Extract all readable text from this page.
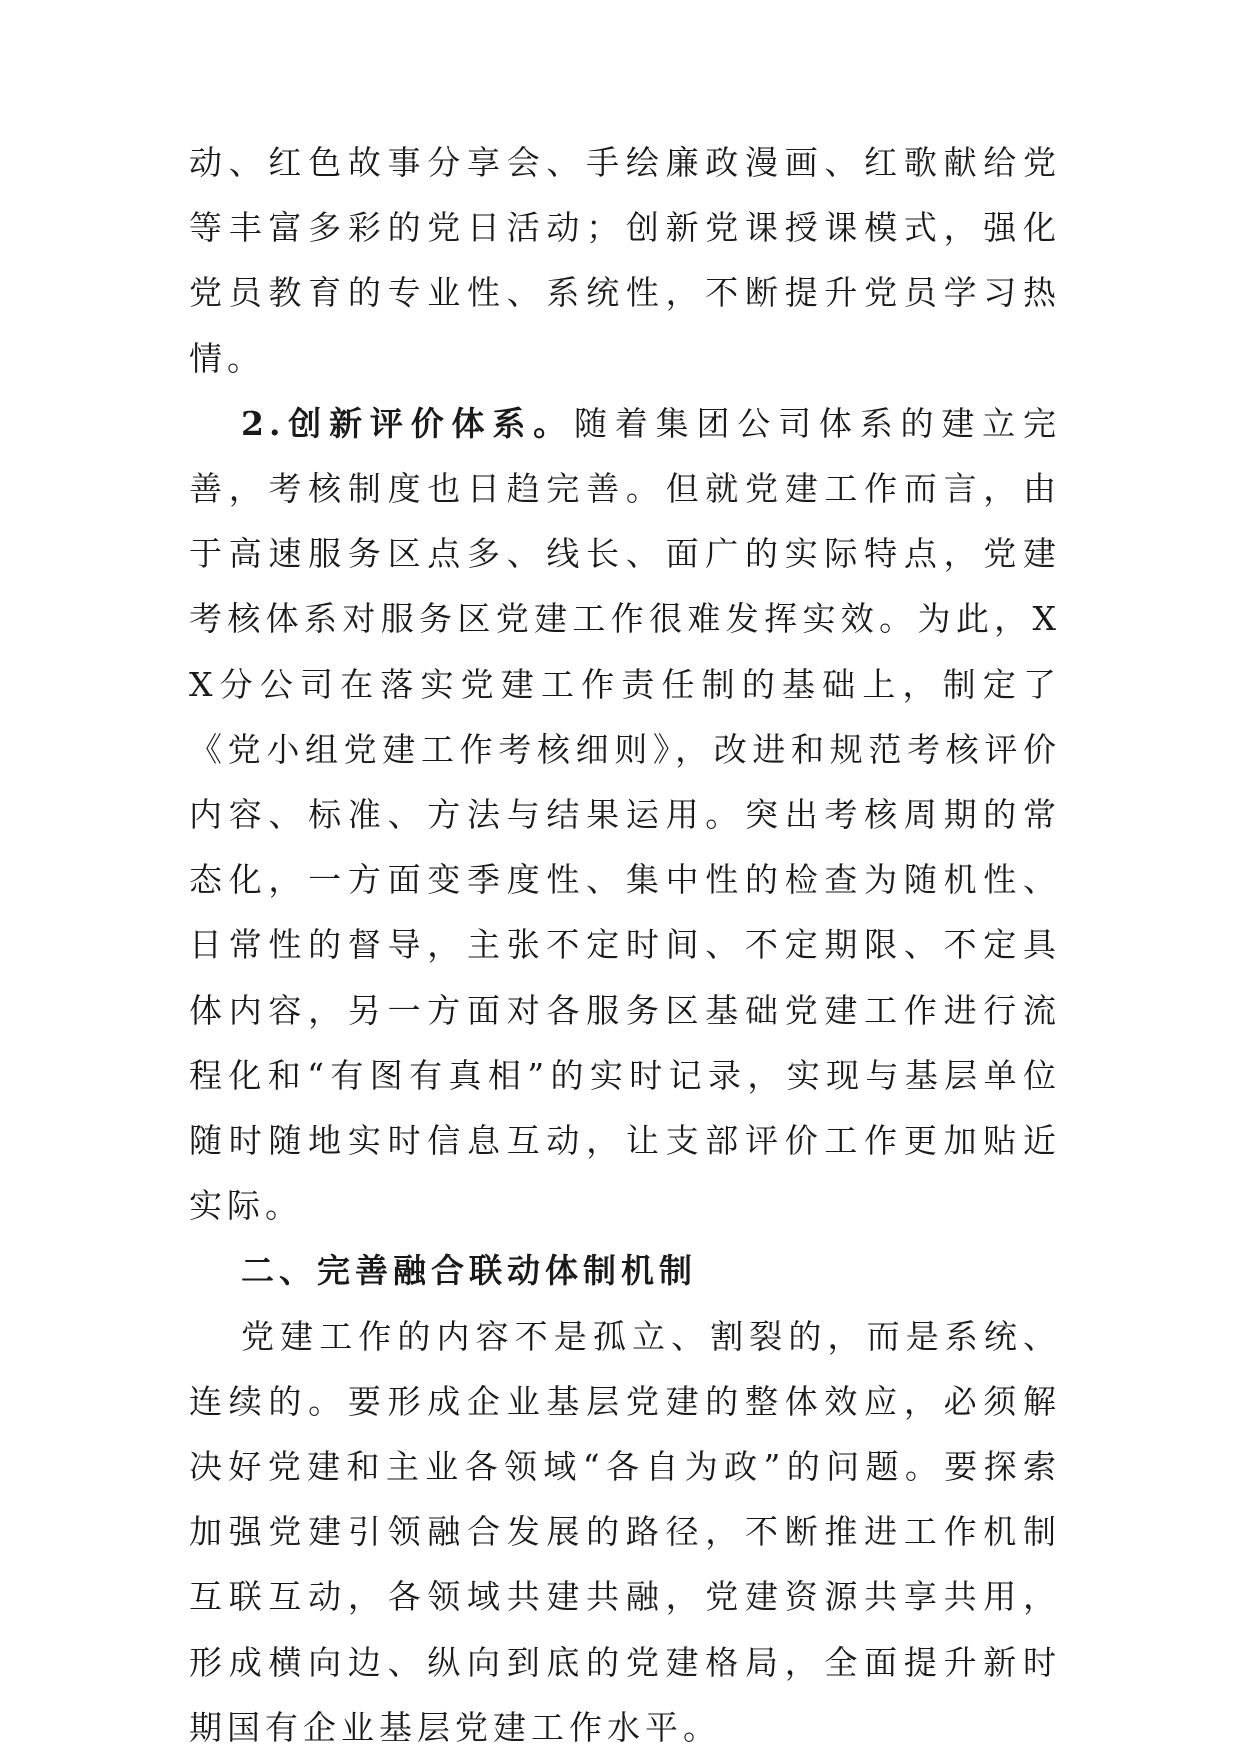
动、红色故事分享会、手绘廉政漫画、红歌献给党等丰富多彩的党日活动；创新党课授课模式，强化党员教育的专业性、系统性，不断提升党员学习热情。

2.创新评价体系。随着集团公司体系的建立完善，考核制度也日趋完善。但就党建工作而言，由于高速服务区点多、线长、面广的实际特点，党建考核体系对服务区党建工作很难发挥实效。为此，XX分公司在落实党建工作责任制的基础上，制定了《党小组党建工作考核细则》，改进和规范考核评价内容、标准、方法与结果运用。突出考核周期的常态化，一方面变季度性、集中性的检查为随机性、日常性的督导，主张不定时间、不定期限、不定具体内容，另一方面对各服务区基础党建工作进行流程化和“有图有真相”的实时记录，实现与基层单位随时随地实时信息互动，让支部评价工作更加贴近实际。

二、完善融合联动体制机制

党建工作的内容不是孤立、割裂的，而是系统、连续的。要形成企业基层党建的整体效应，必须解决好党建和主业各领域“各自为政”的问题。要探索加强党建引领融合发展的路径，不断推进工作机制互联互动，各领域共建共融，党建资源共享共用，形成横向边、纵向到底的党建格局，全面提升新时期国有企业基层党建工作水平。
